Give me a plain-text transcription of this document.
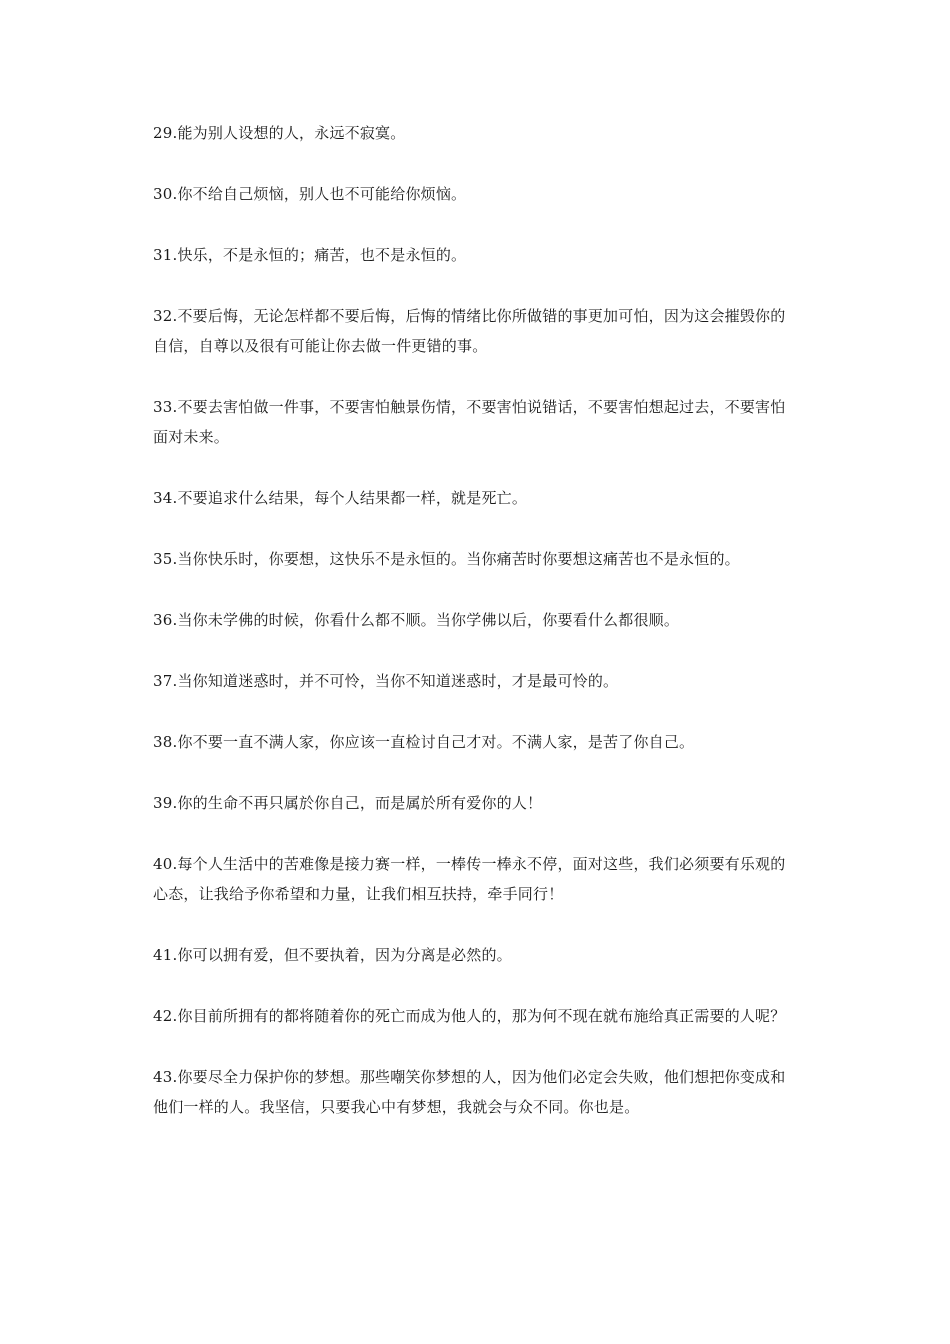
29.能为别人设想的人，永远不寂寞。

30.你不给自己烦恼，别人也不可能给你烦恼。

31.快乐，不是永恒的；痛苦，也不是永恒的。

32.不要后悔，无论怎样都不要后悔，后悔的情绪比你所做错的事更加可怕，因为这会摧毁你的自信，自尊以及很有可能让你去做一件更错的事。

33.不要去害怕做一件事，不要害怕触景伤情，不要害怕说错话，不要害怕想起过去，不要害怕面对未来。

34.不要追求什么结果，每个人结果都一样，就是死亡。

35.当你快乐时，你要想，这快乐不是永恒的。当你痛苦时你要想这痛苦也不是永恒的。

36.当你未学佛的时候，你看什么都不顺。当你学佛以后，你要看什么都很顺。

37.当你知道迷惑时，并不可怜，当你不知道迷惑时，才是最可怜的。

38.你不要一直不满人家，你应该一直检讨自己才对。不满人家，是苦了你自己。

39.你的生命不再只属於你自己，而是属於所有爱你的人！

40.每个人生活中的苦难像是接力赛一样，一棒传一棒永不停，面对这些，我们必须要有乐观的心态，让我给予你希望和力量，让我们相互扶持，牵手同行！

41.你可以拥有爱，但不要执着，因为分离是必然的。

42.你目前所拥有的都将随着你的死亡而成为他人的，那为何不现在就布施给真正需要的人呢？

43.你要尽全力保护你的梦想。那些嘲笑你梦想的人，因为他们必定会失败，他们想把你变成和他们一样的人。我坚信，只要我心中有梦想，我就会与众不同。你也是。
